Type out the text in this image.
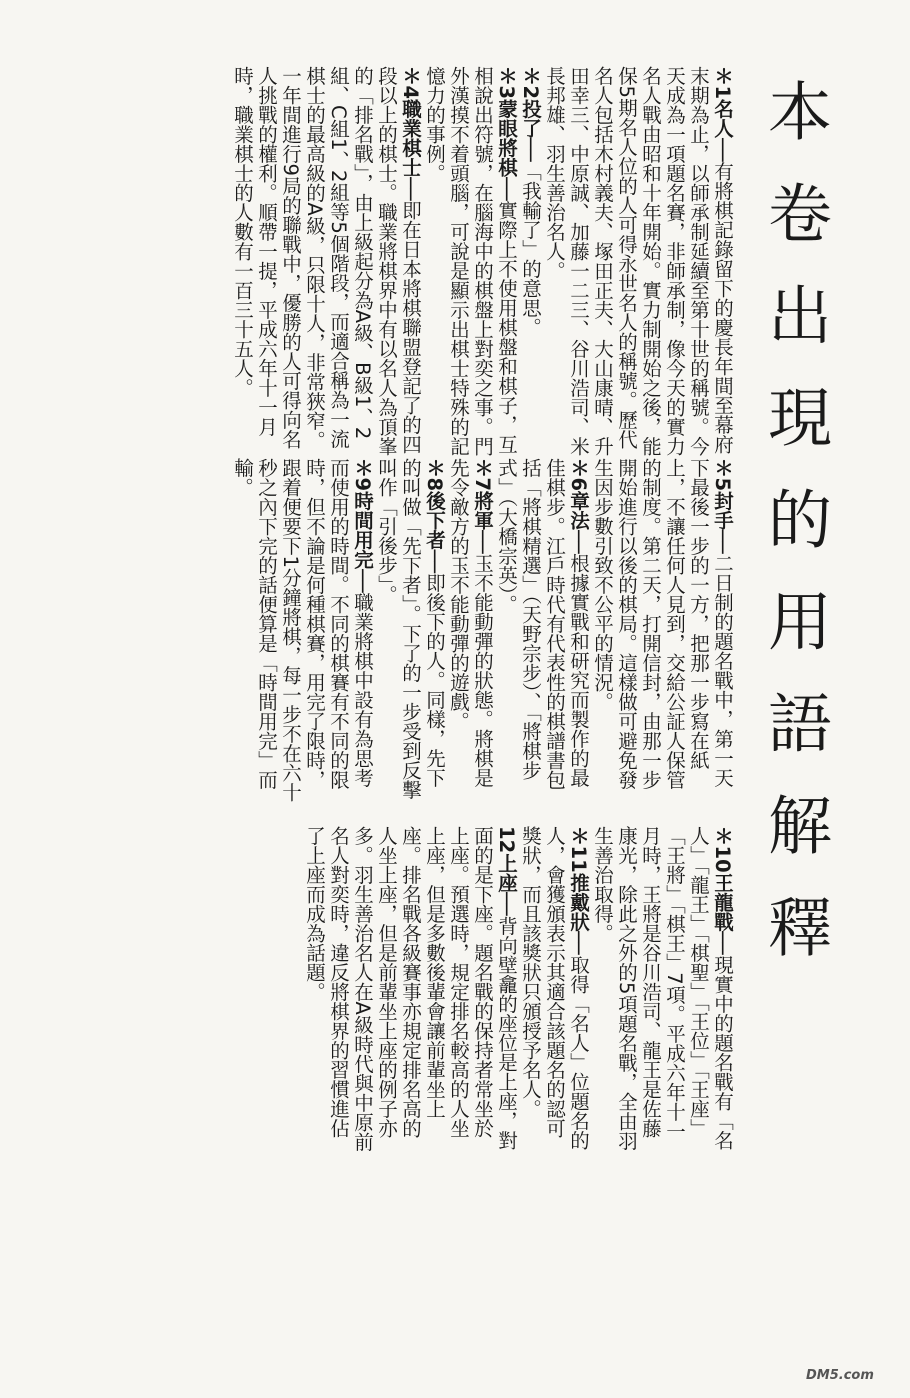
本卷出現的用語解釋
＊1名人──有將棋記錄留下的慶長年間至幕府末期為止，以師承制延續至第十世的稱號。今天成為一項題名賽，非師承制，像今天的實力名人戰由昭和十年開始。實力制開始之後，能保5期名人位的人可得永世名人的稱號。歷代名人包括木村義夫、塚田正夫、大山康晴、升田幸三、中原誠、加藤一二三、谷川浩司、米長邦雄、羽生善治名人。
＊2投了──「我輸了」的意思。
＊3蒙眼將棋──實際上不使用棋盤和棋子，互相說出符號，在腦海中的棋盤上對奕之事。門外漢摸不着頭腦，可說是顯示出棋士特殊的記憶力的事例。
＊4職業棋士──即在日本將棋聯盟登記了的四段以上的棋士。職業將棋界中有以名人為頂峯的「排名戰」，由上級起分為A級、B級1、2組、C組1、2組等5個階段，而適合稱為一流棋士的最高級的A級，只限十人，非常狹窄。一年間進行9局的聯戰中，優勝的人可得向名人挑戰的權利。順帶一提，平成六年十一月時，職業棋士的人數有一百三十五人。
＊5封手──二日制的題名戰中，第一天下最後一步的一方，把那一步寫在紙上，不讓任何人見到，交給公証人保管的制度。第二天，打開信封，由那一步開始進行以後的棋局。這樣做可避免發生因步數引致不公平的情況。
＊6章法──根據實戰和研究而製作的最佳棋步。江戶時代有代表性的棋譜書包括「將棋精選」（天野宗步）、「將棋步式」（大橋宗英）。
＊7將軍──玉不能動彈的狀態。將棋是先令敵方的玉不能動彈的遊戲。
＊8後下者──即後下的人。同樣，先下的叫做「先下者」。下了的一步受到反擊叫作「引後步」。
＊9時間用完──職業將棋中設有為思考而使用的時間。不同的棋賽有不同的限時，但不論是何種棋賽，用完了限時，跟着便要下1分鐘將棋，每一步不在六十秒之內下完的話便算是「時間用完」而輸。
＊10王龍戰──現實中的題名戰有「名人」「龍王」「棋聖」「王位」「王座」「王將」「棋王」7項。平成六年十一月時，王將是谷川浩司、龍王是佐藤康光，除此之外的5項題名戰，全由羽生善治取得。
＊11推戴狀──取得「名人」位題名的人，會獲頒表示其適合該題名的認可獎狀，而且該獎狀只頒授予名人。
12上座──背向壁龕的座位是上座，對面的是下座。題名戰的保持者常坐於上座。預選時，規定排名較高的人坐上座，但是多數後輩會讓前輩坐上座。排名戰各級賽事亦規定排名高的人坐上座，但是前輩坐上座的例子亦多。羽生善治名人在A級時代與中原前名人對奕時，違反將棋界的習慣進佔了上座而成為話題。
DM5.com
